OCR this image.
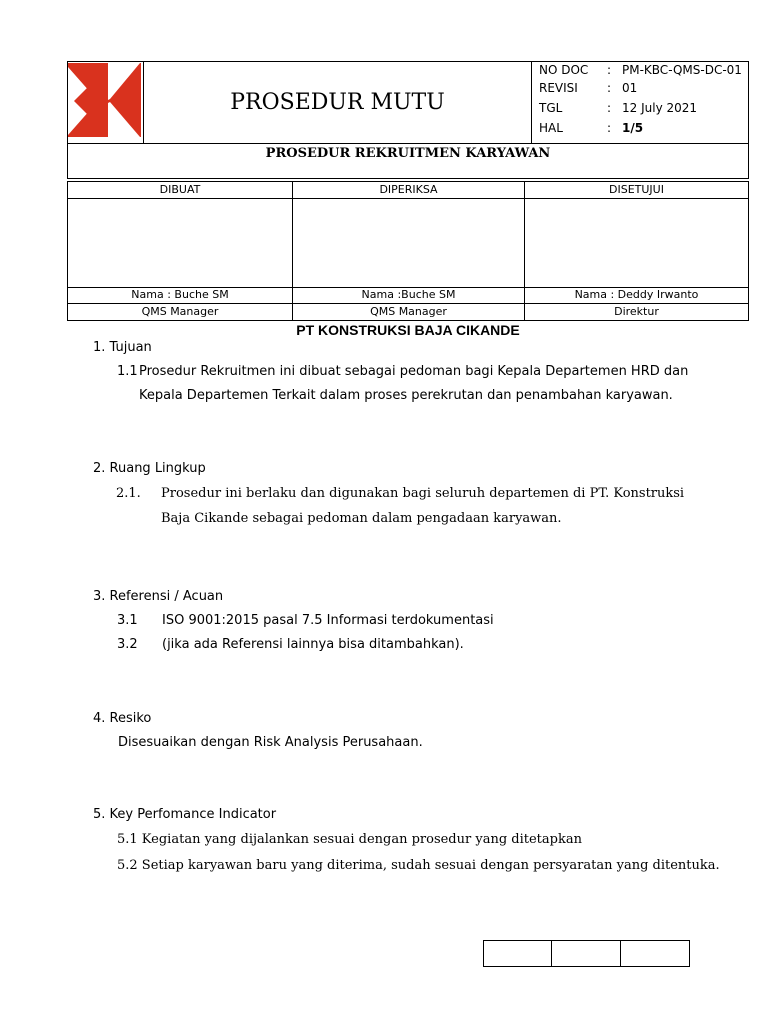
PROSEDUR MUTU
NO DOC : PM-KBC-QMS-DC-01
REVISI : 01
TGL	: 12 July 2021
HAL	: 1/5
PROSEDUR REKRUITMEN KARYAWAN
DIBUAT	DIPERIKSA	DISETUJUI
Nama : Buche SM	Nama :Buche SM	Nama : Deddy Irwanto
QMS Manager	QMS Manager	Direktur
PT KONSTRUKSI BAJA CIKANDE
1. Tujuan
1.1 Prosedur Rekruitmen ini dibuat sebagai pedoman bagi Kepala Departemen HRD dan
Kepala Departemen Terkait dalam proses perekrutan dan penambahan karyawan.
2. Ruang Lingkup
2.1. Prosedur ini berlaku dan digunakan bagi seluruh departemen di PT. Konstruksi
Baja Cikande sebagai pedoman dalam pengadaan karyawan.
3. Referensi / Acuan
3.1 ISO 9001:2015 pasal 7.5 Informasi terdokumentasi
3.2 (jika ada Referensi lainnya bisa ditambahkan).
4. Resiko
Disesuaikan dengan Risk Analysis Perusahaan.
5. Key Perfomance Indicator
5.1 Kegiatan yang dijalankan sesuai dengan prosedur yang ditetapkan
5.2 Setiap karyawan baru yang diterima, sudah sesuai dengan persyaratan yang ditentuka.
